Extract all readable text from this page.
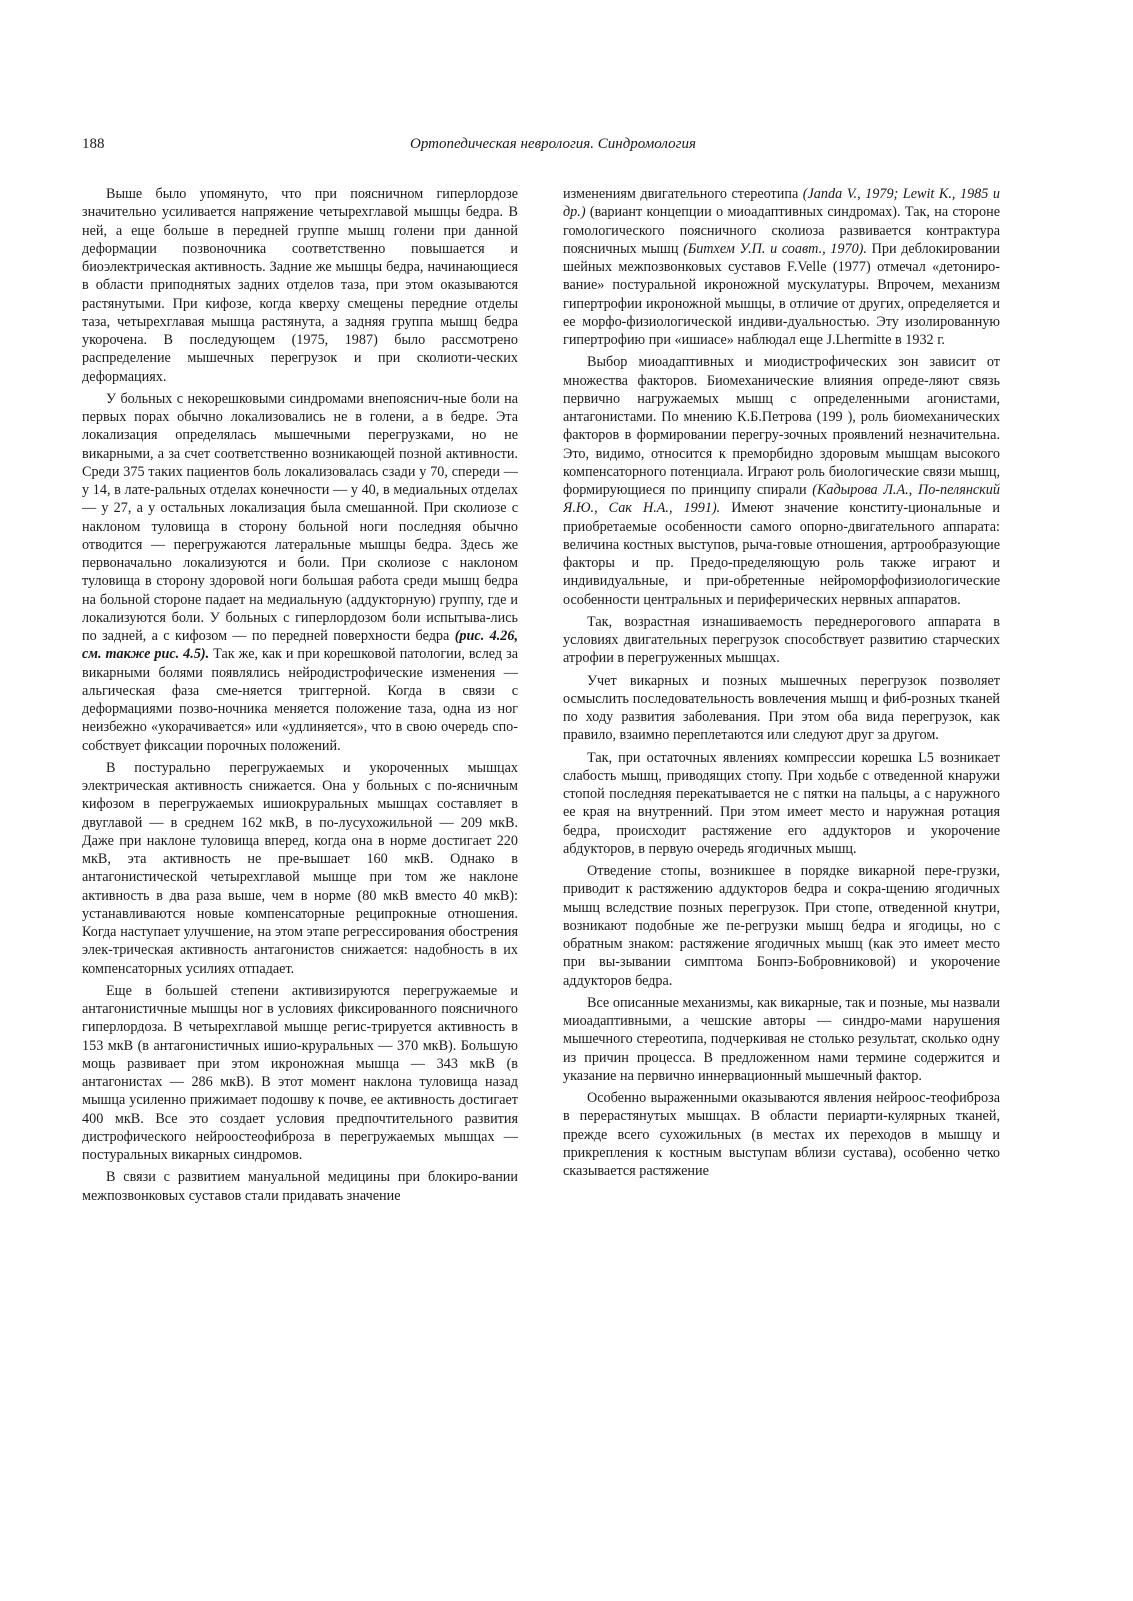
188	Ортопедическая неврология. Синдромология

Выше было упомянуто, что при поясничном гиперлордозе значительно усиливается напряжение четырехглавой мышцы бедра. В ней, а еще больше в передней группе мышц голени при данной деформации позвоночника соответственно повышается и биоэлектрическая активность. Задние же мышцы бедра, начинающиеся в области приподнятых задних отделов таза, при этом оказываются растянутыми. При кифозе, когда кверху смещены передние отделы таза, четырехглавая мышца растянута, а задняя группа мышц бедра укорочена. В последующем (1975, 1987) было рассмотрено распределение мышечных перегрузок и при сколиоти-ческих деформациях.

У больных с некорешковыми синдромами внепояснич-ные боли на первых порах обычно локализовались не в голени, а в бедре. Эта локализация определялась мышечными перегрузками, но не викарными, а за счет соответственно возникающей позной активности. Среди 375 таких пациентов боль локализовалась сзади у 70, спереди — у 14, в лате-ральных отделах конечности — у 40, в медиальных отделах — у 27, а у остальных локализация была смешанной. При сколиозе с наклоном туловища в сторону больной ноги последняя обычно отводится — перегружаются латеральные мышцы бедра. Здесь же первоначально локализуются и боли. При сколиозе с наклоном туловища в сторону здоровой ноги большая работа среди мышц бедра на больной стороне падает на медиальную (аддукторную) группу, где и локализуются боли. У больных с гиперлордозом боли испытыва-лись по задней, а с кифозом — по передней поверхности бедра (рис. 4.26, см. также рис. 4.5). Так же, как и при корешковой патологии, вслед за викарными болями появлялись нейродистрофические изменения — альгическая фаза сме-няется триггерной. Когда в связи с деформациями позво-ночника меняется положение таза, одна из ног неизбежно «укорачивается» или «удлиняется», что в свою очередь спо-собствует фиксации порочных положений.

В постурально перегружаемых и укороченных мышцах электрическая активность снижается. Она у больных с по-ясничным кифозом в перегружаемых ишиокруральных мышцах составляет в двуглавой — в среднем 162 мкВ, в по-лусухожильной — 209 мкВ. Даже при наклоне туловища вперед, когда она в норме достигает 220 мкВ, эта активность не пре-вышает 160 мкВ. Однако в антагонистической четырехглавой мышце при том же наклоне активность в два раза выше, чем в норме (80 мкВ вместо 40 мкВ): устанавливаются новые компенсаторные реципрокные отношения. Когда наступает улучшение, на этом этапе регрессирования обострения элек-трическая активность антагонистов снижается: надобность в их компенсаторных усилиях отпадает.

Еще в большей степени активизируются перегружаемые и антагонистичные мышцы ног в условиях фиксированного поясничного гиперлордоза. В четырехглавой мышце регис-трируется активность в 153 мкВ (в антагонистичных ишио-круральных — 370 мкВ). Большую мощь развивает при этом икроножная мышца — 343 мкВ (в антагонистах — 286 мкВ). В этот момент наклона туловища назад мышца усиленно прижимает подошву к почве, ее активность достигает 400 мкВ. Все это создает условия предпочтительного развития дистрофического нейроостеофиброза в перегружаемых мышцах — постуральных викарных синдромов.

В связи с развитием мануальной медицины при блокиро-вании межпозвонковых суставов стали придавать значение

изменениям двигательного стереотипа (Janda V., 1979; Lewit K., 1985 и др.) (вариант концепции о миоадаптивных синдромах). Так, на стороне гомологического поясничного сколиоза развивается контрактура поясничных мышц (Битхем У.П. и соавт., 1970). При деблокировании шейных межпозвонковых суставов F.Velle (1977) отмечал «детониро-вание» постуральной икроножной мускулатуры. Впрочем, механизм гипертрофии икроножной мышцы, в отличие от других, определяется и ее морфо-физиологической индиви-дуальностью. Эту изолированную гипертрофию при «ишиасе» наблюдал еще J.Lhermitte в 1932 г.

Выбор миоадаптивных и миодистрофических зон зависит от множества факторов. Биомеханические влияния опреде-ляют связь первично нагружаемых мышц с определенными агонистами, антагонистами. По мнению К.Б.Петрова (199 ), роль биомеханических факторов в формировании перегру-зочных проявлений незначительна. Это, видимо, относится к преморбидно здоровым мышцам высокого компенсаторного потенциала. Играют роль биологические связи мышц, формирующиеся по принципу спирали (Кадырова Л.А., По-пелянский Я.Ю., Сак Н.А., 1991). Имеют значение конститу-циональные и приобретаемые особенности самого опорно-двигательного аппарата: величина костных выступов, рыча-говые отношения, артрообразующие факторы и пр. Предо-пределяющую роль также играют и индивидуальные, и при-обретенные нейроморфофизиологические особенности центральных и периферических нервных аппаратов.

Так, возрастная изнашиваемость переднерогового аппарата в условиях двигательных перегрузок способствует развитию старческих атрофии в перегруженных мышцах.

Учет викарных и позных мышечных перегрузок позволяет осмыслить последовательность вовлечения мышц и фиб-розных тканей по ходу развития заболевания. При этом оба вида перегрузок, как правило, взаимно переплетаются или следуют друг за другом.

Так, при остаточных явлениях компрессии корешка L5 возникает слабость мышц, приводящих стопу. При ходьбе с отведенной кнаружи стопой последняя перекатывается не с пятки на пальцы, а с наружного ее края на внутренний. При этом имеет место и наружная ротация бедра, происходит растяжение его аддукторов и укорочение абдукторов, в первую очередь ягодичных мышц.

Отведение стопы, возникшее в порядке викарной пере-грузки, приводит к растяжению аддукторов бедра и сокра-щению ягодичных мышц вследствие позных перегрузок. При стопе, отведенной кнутри, возникают подобные же пе-регрузки мышц бедра и ягодицы, но с обратным знаком: растяжение ягодичных мышц (как это имеет место при вы-зывании симптома Бонпэ-Бобровниковой) и укорочение аддукторов бедра.

Все описанные механизмы, как викарные, так и позные, мы назвали миоадаптивными, а чешские авторы — синдро-мами нарушения мышечного стереотипа, подчеркивая не столько результат, сколько одну из причин процесса. В предложенном нами термине содержится и указание на первично иннервационный мышечный фактор.

Особенно выраженными оказываются явления нейроос-теофиброза в перерастянутых мышцах. В области периарти-кулярных тканей, прежде всего сухожильных (в местах их переходов в мышцу и прикрепления к костным выступам вблизи сустава), особенно четко сказывается растяжение
